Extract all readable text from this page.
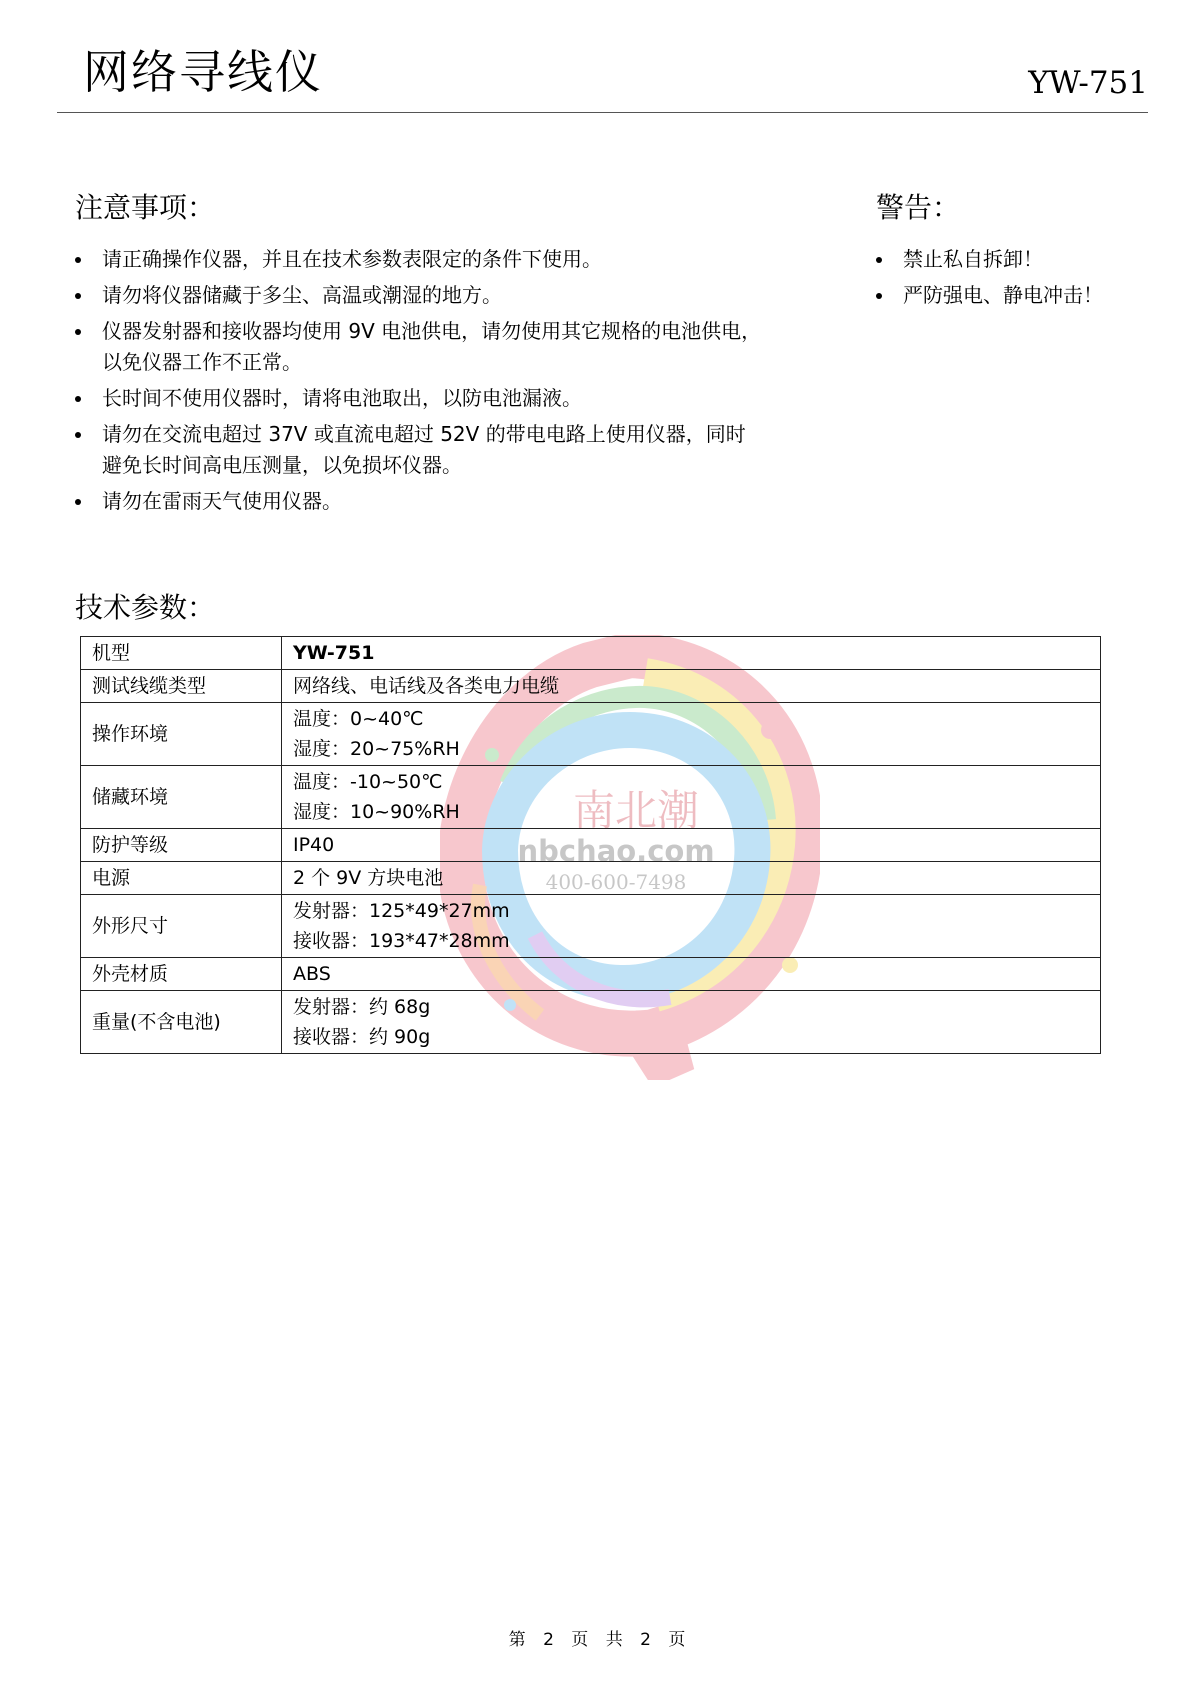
网络寻线仪	YW-751
南北潮
nbchao.com
400-600-7498
注意事项：
请正确操作仪器，并且在技术参数表限定的条件下使用。
请勿将仪器储藏于多尘、高温或潮湿的地方。
仪器发射器和接收器均使用 9V 电池供电，请勿使用其它规格的电池供电，以免仪器工作不正常。
长时间不使用仪器时，请将电池取出，以防电池漏液。
请勿在交流电超过 37V 或直流电超过 52V 的带电电路上使用仪器，同时避免长时间高电压测量，以免损坏仪器。
请勿在雷雨天气使用仪器。
警告：
禁止私自拆卸！
严防强电、静电冲击！
技术参数：
机型	YW-751

测试线缆类型	网络线、电话线及各类电力电缆

操作环境	温度：0~40℃
湿度：20~75%RH

储藏环境	温度：-10~50℃
湿度：10~90%RH

防护等级	IP40

电源	2 个 9V 方块电池

外形尺寸	发射器：125*49*27mm
接收器：193*47*28mm

外壳材质	ABS

重量(不含电池)	发射器：约 68g
接收器：约 90g
第 2 页 共 2 页
